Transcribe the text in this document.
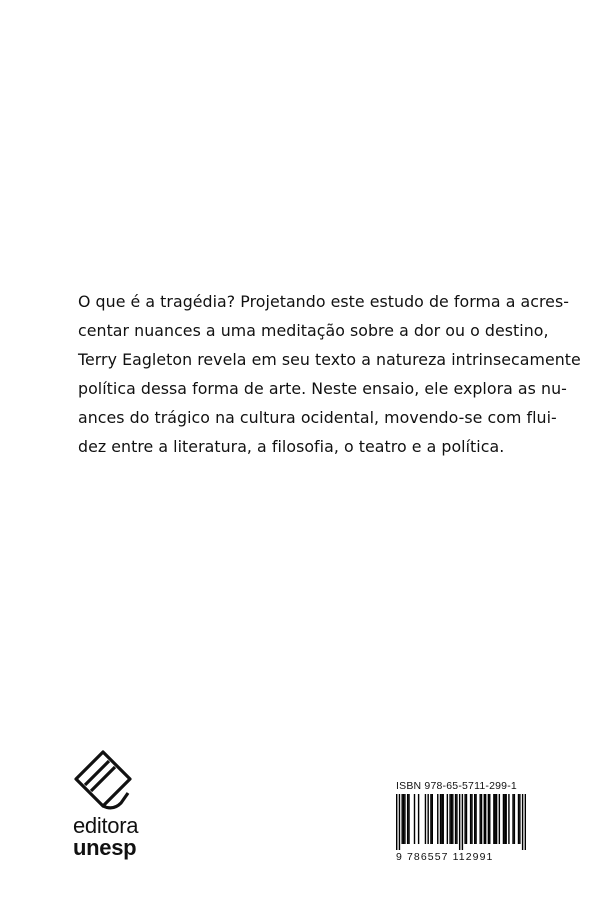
O que é a tragédia? Projetando este estudo de forma a acres-
centar nuances a uma meditação sobre a dor ou o destino,
Terry Eagleton revela em seu texto a natureza intrinsecamente
política dessa forma de arte. Neste ensaio, ele explora as nu-
ances do trágico na cultura ocidental, movendo-se com flui-
dez entre a literatura, a filosofia, o teatro e a política.
editora
unesp
ISBN 978-65-5711-299-1
9 786557 112991
